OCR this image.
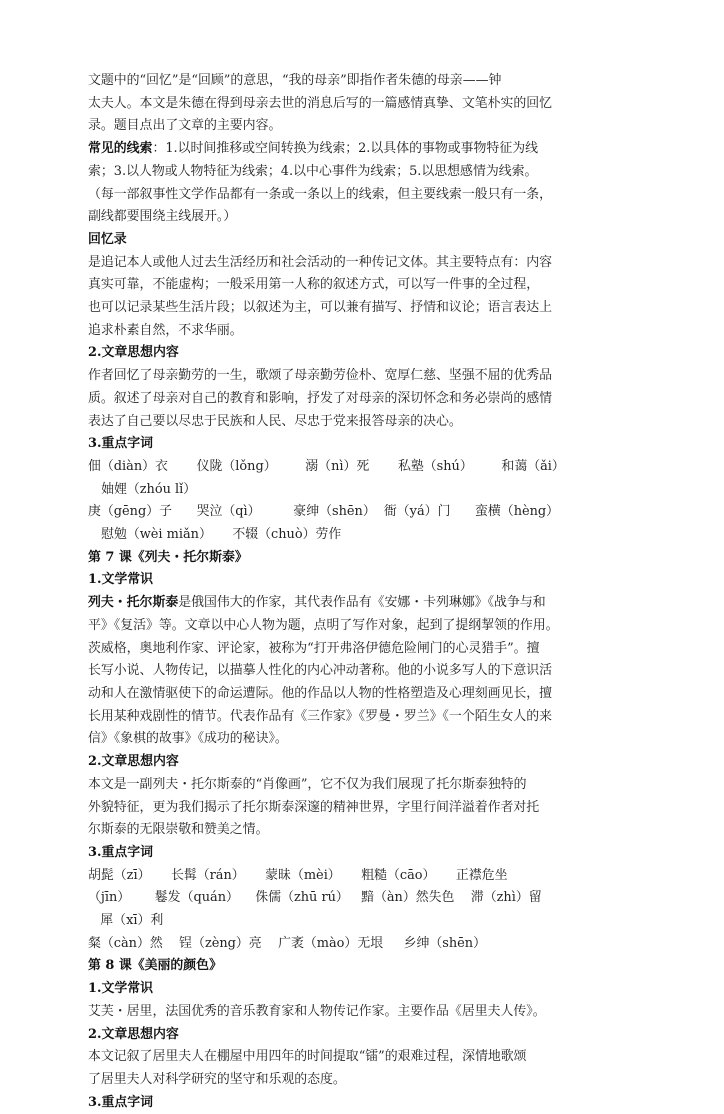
文题中的“回忆”是“回顾”的意思，“我的母亲”即指作者朱德的母亲——钟

太夫人。本文是朱德在得到母亲去世的消息后写的一篇感情真挚、文笔朴实的回忆

录。题目点出了文章的主要内容。

常见的线索：1.以时间推移或空间转换为线索；2.以具体的事物或事物特征为线

索；3.以人物或人物特征为线索；4.以中心事件为线索；5.以思想感情为线索。

（每一部叙事性文学作品都有一条或一条以上的线索，但主要线索一般只有一条，

副线都要围绕主线展开。）

回忆录

是追记本人或他人过去生活经历和社会活动的一种传记文体。其主要特点有：内容

真实可靠，不能虚构；一般采用第一人称的叙述方式，可以写一件事的全过程，

也可以记录某些生活片段；以叙述为主，可以兼有描写、抒情和议论；语言表达上

追求朴素自然，不求华丽。

2.文章思想内容

作者回忆了母亲勤劳的一生，歌颂了母亲勤劳俭朴、宽厚仁慈、坚强不屈的优秀品

质。叙述了母亲对自己的教育和影响，抒发了对母亲的深切怀念和务必崇尚的感情

表达了自己要以尽忠于民族和人民、尽忠于党来报答母亲的决心。

3.重点字词

佃（diàn）衣       仪陇（lǒng）       溺（nì）死       私塾（shú）       和蔼（ǎi）

妯娌（zhóu lǐ）

庚（gēng）子      哭泣（qì）        豪绅（shēn）  衙（yá）门      蛮横（hèng）

慰勉（wèi miǎn）     不辍（chuò）劳作

第 7 课《列夫・托尔斯泰》

1.文学常识

列夫・托尔斯泰是俄国伟大的作家，其代表作品有《安娜・卡列琳娜》《战争与和

平》《复活》等。文章以中心人物为题，点明了写作对象，起到了提纲挈领的作用。

茨威格，奥地利作家、评论家，被称为“打开弗洛伊德危险闸门的心灵猎手”。擅

长写小说、人物传记，以描摹人性化的内心冲动著称。他的小说多写人的下意识活

动和人在激情驱使下的命运遭际。他的作品以人物的性格塑造及心理刻画见长，擅

长用某种戏剧性的情节。代表作品有《三作家》《罗曼・罗兰》《一个陌生女人的来

信》《象棋的故事》《成功的秘诀》。

2.文章思想内容

本文是一副列夫・托尔斯泰的“肖像画”，它不仅为我们展现了托尔斯泰独特的

外貌特征，更为我们揭示了托尔斯泰深邃的精神世界，字里行间洋溢着作者对托

尔斯泰的无限崇敬和赞美之情。

3.重点字词

胡髭（zī）     长髯（rán）     蒙昧（mèi）     粗糙（cāo）     正襟危坐

（jīn）      鬈发（quán）    侏儒（zhū rú）   黯（àn）然失色    滞（zhì）留

犀（xī）利

粲（càn）然    锃（zèng）亮    广袤（mào）无垠     乡绅（shēn）

第 8 课《美丽的颜色》

1.文学常识

艾芙・居里，法国优秀的音乐教育家和人物传记作家。主要作品《居里夫人传》。

2.文章思想内容

本文记叙了居里夫人在棚屋中用四年的时间提取“镭”的艰难过程，深情地歌颂

了居里夫人对科学研究的坚守和乐观的态度。

3.重点字词
